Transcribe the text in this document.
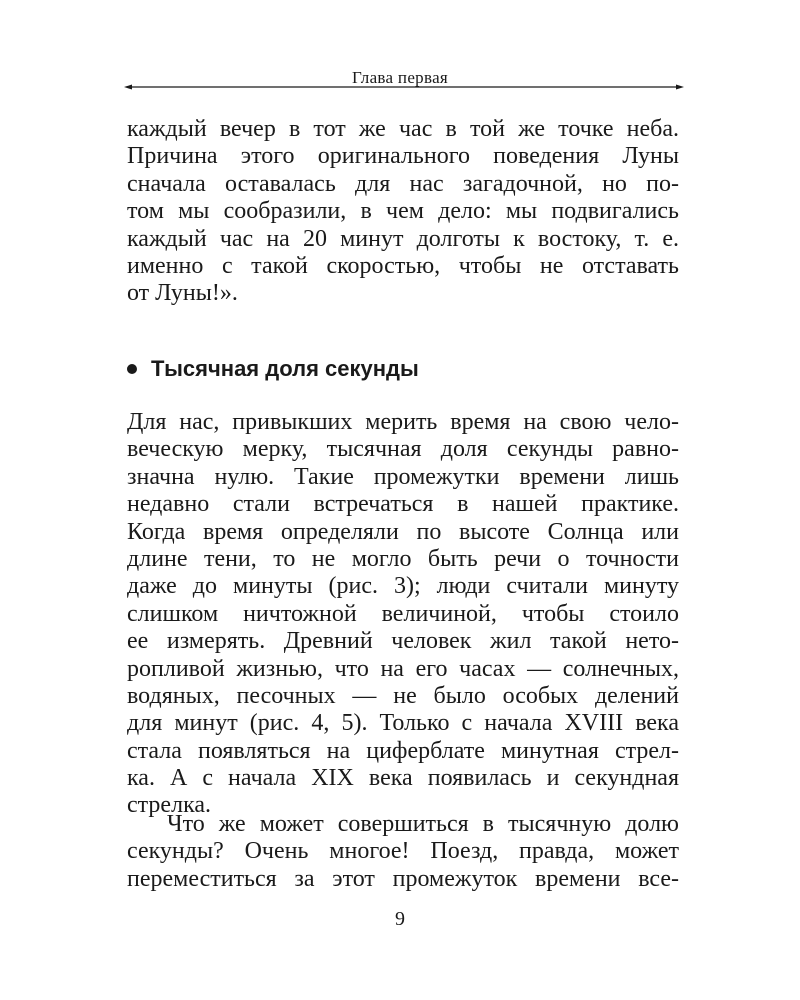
Глава первая
каждый вечер в тот же час в той же точке неба.
Причина этого оригинального поведения Луны
сначала оставалась для нас загадочной, но по-
том мы сообразили, в чем дело: мы подвигались
каждый час на 20 минут долготы к востоку, т. е.
именно с такой скоростью, чтобы не отставать
от Луны!».
Тысячная доля секунды
Для нас, привыкших мерить время на свою чело-
веческую мерку, тысячная доля секунды равно-
значна нулю. Такие промежутки времени лишь
недавно стали встречаться в нашей практике.
Когда время определяли по высоте Солнца или
длине тени, то не могло быть речи о точности
даже до минуты (рис. 3); люди считали минуту
слишком ничтожной величиной, чтобы стоило
ее измерять. Древний человек жил такой нето-
ропливой жизнью, что на его часах — солнечных,
водяных, песочных — не было особых делений
для минут (рис. 4, 5). Только с начала XVIII века
стала появляться на циферблате минутная стрел-
ка. А с начала XIX века появилась и секундная
стрелка.
Что же может совершиться в тысячную долю
секунды? Очень многое! Поезд, правда, может
переместиться за этот промежуток времени все-
9
